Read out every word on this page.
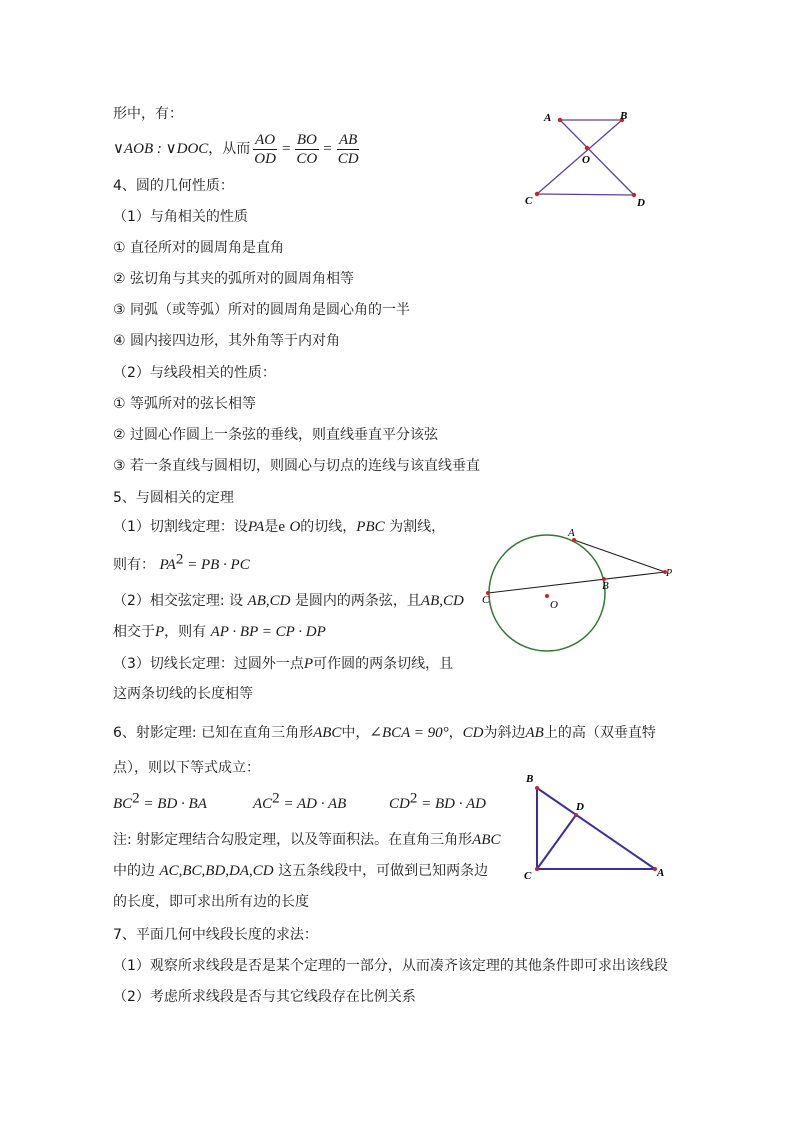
形中，有：
∨AOB : ∨DOC ，从而 $\frac{AO}{OD} = \frac{BO}{CO} = \frac{AB}{CD}$
A	B
O
C	D
4、圆的几何性质：
（1）与角相关的性质
① 直径所对的圆周角是直角
② 弦切角与其夹的弧所对的圆周角相等
③ 同弧（或等弧）所对的圆周角是圆心角的一半
④ 圆内接四边形，其外角等于内对角
（2）与线段相关的性质：
① 等弧所对的弦长相等
② 过圆心作圆上一条弦的垂线，则直线垂直平分该弦
③ 若一条直线与圆相切，则圆心与切点的连线与该直线垂直
5、与圆相关的定理
（1）切割线定理：设PA是e O的切线，PBC 为割线，
则有： $PA^2$ = PB · PC
（2）相交弦定理: 设 AB,CD 是圆内的两条弦，且AB,CD
相交于P，则有 AP · BP = CP · DP
（3）切线长定理：过圆外一点P可作圆的两条切线，且
这两条切线的长度相等
A
P
B
C	O
6、射影定理: 已知在直角三角形ABC中，∠BCA = 90°，CD为斜边AB上的高（双垂直特
点），则以下等式成立：
$BC^2$ = BD · BA	$AC^2$ = AD · AB	$CD^2$ = BD · AD
注: 射影定理结合勾股定理，以及等面积法。在直角三角形ABC
中的边 AC,BC,BD,DA,CD 这五条线段中，可做到已知两条边
的长度，即可求出所有边的长度
B
D
C	A
7、平面几何中线段长度的求法：
（1）观察所求线段是否是某个定理的一部分，从而凑齐该定理的其他条件即可求出该线段
（2）考虑所求线段是否与其它线段存在比例关系
